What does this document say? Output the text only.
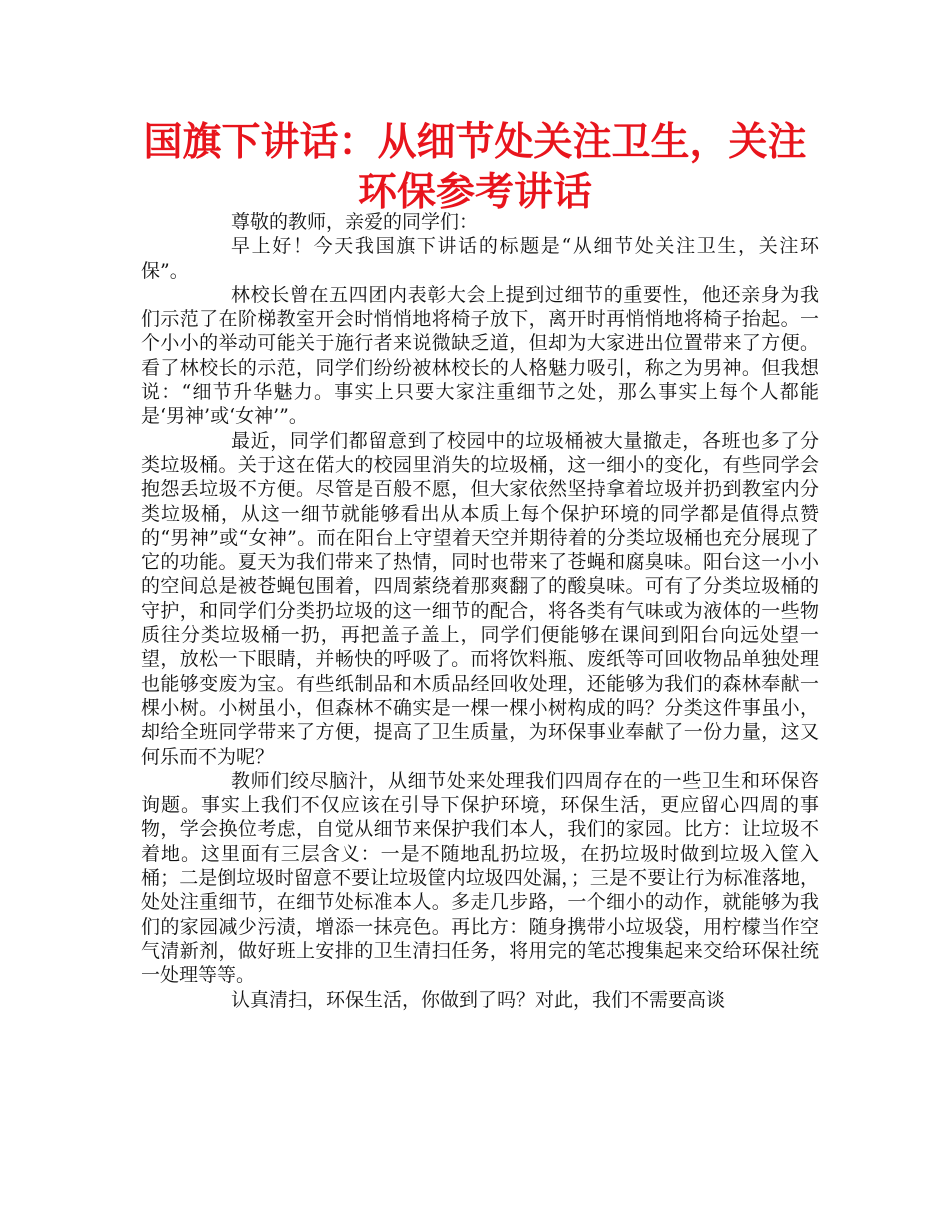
国旗下讲话：从细节处关注卫生，关注环保参考讲话

尊敬的教师，亲爱的同学们：

早上好！今天我国旗下讲话的标题是“从细节处关注卫生，关注环保”。

林校长曾在五四团内表彰大会上提到过细节的重要性，他还亲身为我们示范了在阶梯教室开会时悄悄地将椅子放下，离开时再悄悄地将椅子抬起。一个小小的举动可能关于施行者来说微缺乏道，但却为大家进出位置带来了方便。看了林校长的示范，同学们纷纷被林校长的人格魅力吸引，称之为男神。但我想说：“细节升华魅力。事实上只要大家注重细节之处，那么事实上每个人都能是‘男神’或‘女神’”。

最近，同学们都留意到了校园中的垃圾桶被大量撤走，各班也多了分类垃圾桶。关于这在偌大的校园里消失的垃圾桶，这一细小的变化，有些同学会抱怨丢垃圾不方便。尽管是百般不愿，但大家依然坚持拿着垃圾并扔到教室内分类垃圾桶，从这一细节就能够看出从本质上每个保护环境的同学都是值得点赞的“男神”或“女神”。而在阳台上守望着天空并期待着的分类垃圾桶也充分展现了它的功能。夏天为我们带来了热情，同时也带来了苍蝇和腐臭味。阳台这一小小的空间总是被苍蝇包围着，四周萦绕着那爽翻了的酸臭味。可有了分类垃圾桶的守护，和同学们分类扔垃圾的这一细节的配合，将各类有气味或为液体的一些物质往分类垃圾桶一扔，再把盖子盖上，同学们便能够在课间到阳台向远处望一望，放松一下眼睛，并畅快的呼吸了。而将饮料瓶、废纸等可回收物品单独处理也能够变废为宝。有些纸制品和木质品经回收处理，还能够为我们的森林奉献一棵小树。小树虽小，但森林不确实是一棵一棵小树构成的吗？分类这件事虽小，却给全班同学带来了方便，提高了卫生质量，为环保事业奉献了一份力量，这又何乐而不为呢？

教师们绞尽脑汁，从细节处来处理我们四周存在的一些卫生和环保咨询题。事实上我们不仅应该在引导下保护环境，环保生活，更应留心四周的事物，学会换位考虑，自觉从细节来保护我们本人，我们的家园。比方：让垃圾不着地。这里面有三层含义：一是不随地乱扔垃圾，在扔垃圾时做到垃圾入筐入桶；二是倒垃圾时留意不要让垃圾筐内垃圾四处漏，；三是不要让行为标准落地，处处注重细节，在细节处标准本人。多走几步路，一个细小的动作，就能够为我们的家园减少污渍，增添一抹亮色。再比方：随身携带小垃圾袋，用柠檬当作空气清新剂，做好班上安排的卫生清扫任务，将用完的笔芯搜集起来交给环保社统一处理等等。

认真清扫，环保生活，你做到了吗？对此，我们不需要高谈
